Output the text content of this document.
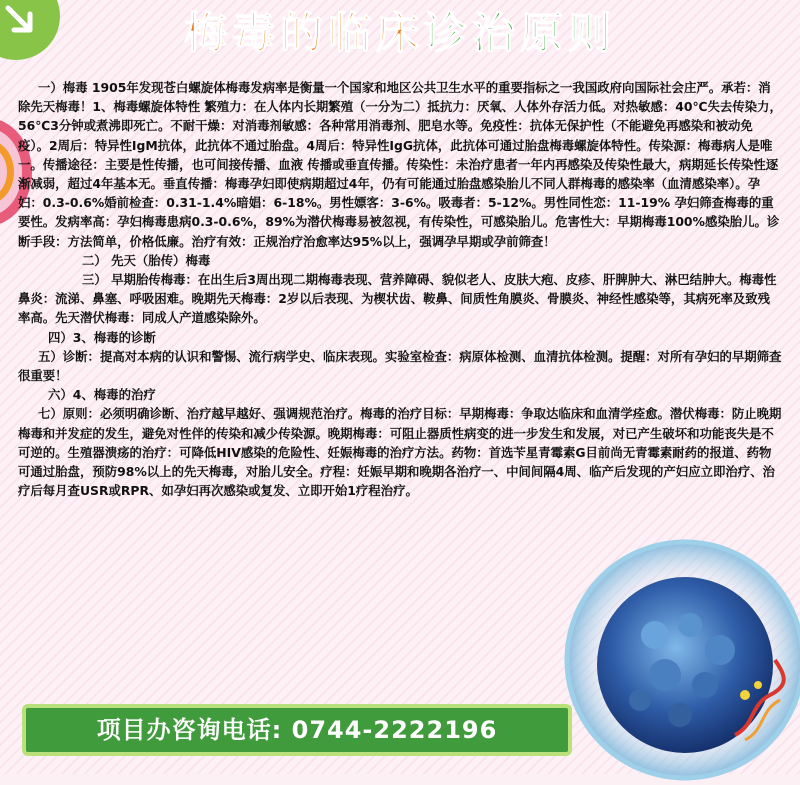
梅毒的临床诊治原则

一）梅毒 1905年发现苍白螺旋体梅毒发病率是衡量一个国家和地区公共卫生水平的重要指标之一我国政府向国际社会庄严。承若：消除先天梅毒！1、梅毒螺旋体特性 繁殖力：在人体内长期繁殖（一分为二）抵抗力：厌氧、人体外存活力低。对热敏感：40℃失去传染力，56℃3分钟或煮沸即死亡。不耐干燥：对消毒剂敏感：各种常用消毒剂、肥皂水等。免疫性：抗体无保护性（不能避免再感染和被动免疫）。2周后：特异性IgM抗体，此抗体不通过胎盘。4周后：特异性IgG抗体，此抗体可通过胎盘梅毒螺旋体特性。传染源：梅毒病人是唯一。传播途径：主要是性传播，也可间接传播、血液 传播或垂直传播。传染性：未治疗患者一年内再感染及传染性最大，病期延长传染性逐渐减弱，超过4年基本无。垂直传播：梅毒孕妇即使病期超过4年，仍有可能通过胎盘感染胎儿不同人群梅毒的感染率（血清感染率）。孕妇：0.3-0.6%婚前检查：0.31-1.4%暗娼：6-18%。男性嫖客：3-6%。吸毒者：5-12%。男性同性恋：11-19% 孕妇筛查梅毒的重要性。发病率高：孕妇梅毒患病0.3-0.6%，89%为潜伏梅毒易被忽视，有传染性，可感染胎儿。危害性大：早期梅毒100%感染胎儿。诊断手段：方法简单，价格低廉。治疗有效：正规治疗治愈率达95%以上，强调孕早期或孕前筛查！

二） 先天（胎传）梅毒

三） 早期胎传梅毒：在出生后3周出现二期梅毒表现、营养障碍、貌似老人、皮肤大疱、皮疹、肝脾肿大、淋巴结肿大。梅毒性鼻炎：流涕、鼻塞、呼吸困难。晚期先天梅毒：2岁以后表现、为楔状齿、鞍鼻、间质性角膜炎、骨膜炎、神经性感染等，其病死率及致残率高。先天潜伏梅毒：同成人产道感染除外。

四）3、梅毒的诊断

五）诊断：提高对本病的认识和警惕、流行病学史、临床表现。实验室检查：病原体检测、血清抗体检测。提醒：对所有孕妇的早期筛查很重要！

六）4、梅毒的治疗

七）原则：必须明确诊断、治疗越早越好、强调规范治疗。梅毒的治疗目标：早期梅毒：争取达临床和血清学痊愈。潜伏梅毒：防止晚期梅毒和并发症的发生，避免对性伴的传染和减少传染源。晚期梅毒：可阻止器质性病变的进一步发生和发展，对已产生破坏和功能丧失是不可逆的。生殖器溃疡的治疗：可降低HIV感染的危险性、妊娠梅毒的治疗方法。药物：首选苄星青霉素G目前尚无青霉素耐药的报道、药物可通过胎盘，预防98%以上的先天梅毒，对胎儿安全。疗程：妊娠早期和晚期各治疗一、中间间隔4周、临产后发现的产妇应立即治疗、治疗后每月查USR或RPR、如孕妇再次感染或复发、立即开始1疗程治疗。

项目办咨询电话: 0744-2222196
